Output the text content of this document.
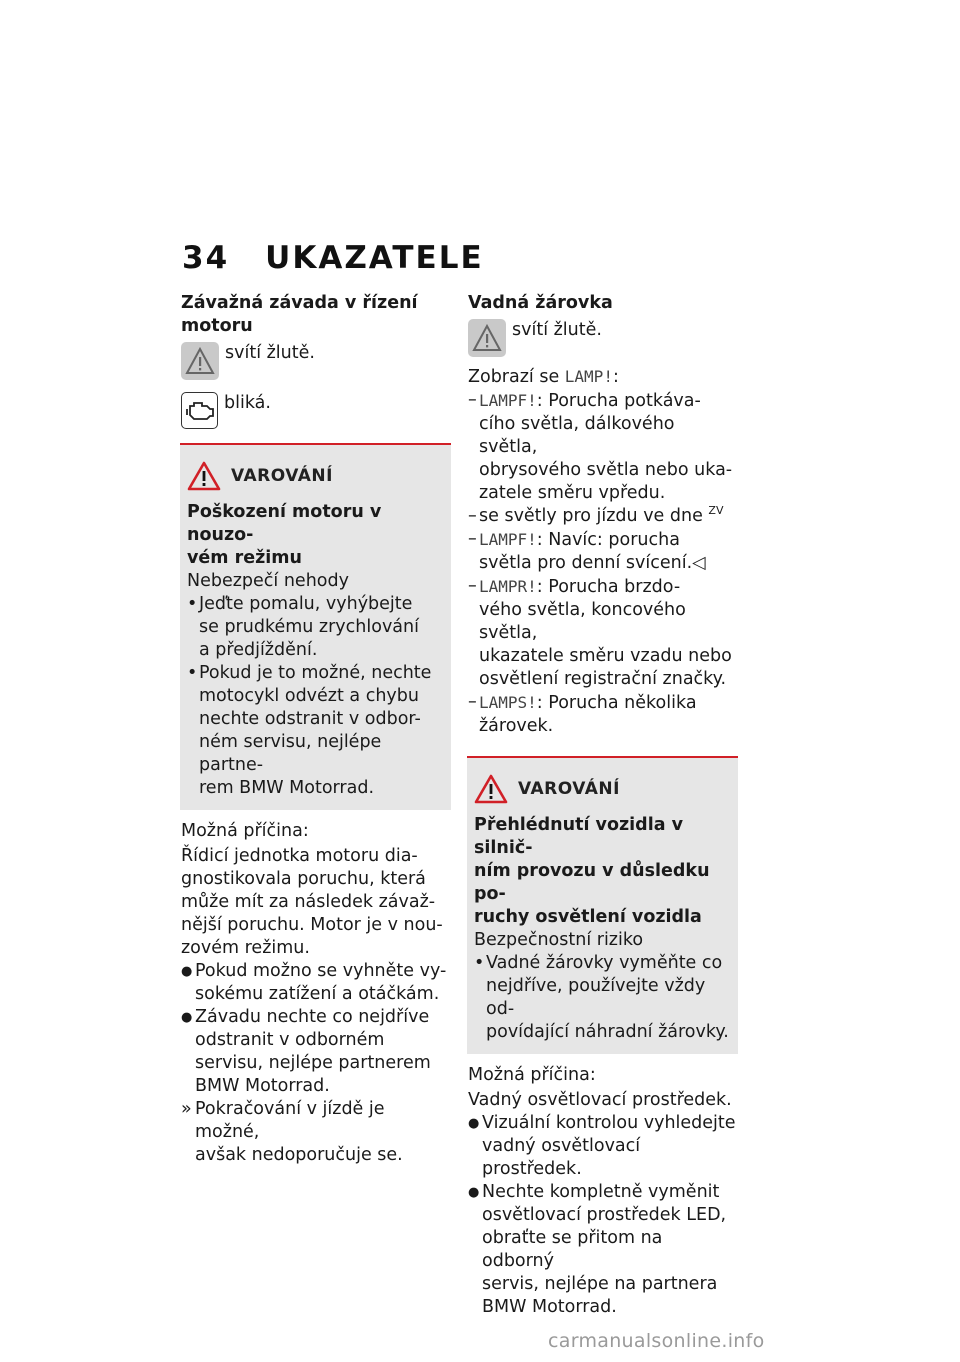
34 UKAZATELE

Závažná závada v řízení
motoru

svítí žlutě.
bliká.
VAROVÁNÍ

Poškození motoru v nouzo-
vém režimu

Nebezpečí nehody

• Jeďte pomalu, vyhýbejte
se prudkému zrychlování
a předjíždění.
• Pokud je to možné, nechte
motocykl odvézt a chybu
nechte odstranit v odbor-
ném servisu, nejlépe partne-
rem BMW Motorrad.

Možná příčina:

Řídicí jednotka motoru dia-
gnostikovala poruchu, která
může mít za následek závaž-
nější poruchu. Motor je v nou-
zovém režimu.

● Pokud možno se vyhněte vy-
sokému zatížení a otáčkám.
● Závadu nechte co nejdříve
odstranit v odborném
servisu, nejlépe partnerem
BMW Motorrad.
» Pokračování v jízdě je možné,
avšak nedoporučuje se.

Vadná žárovka

svítí žlutě.

Zobrazí se LAMP!:

– LAMPF!: Porucha potkáva-
cího světla, dálkového světla,
obrysového světla nebo uka-
zatele směru vpředu.
– se světly pro jízdu ve dne $^{ZV}$
– LAMPF!: Navíc: porucha
světla pro denní svícení.◁
– LAMPR!: Porucha brzdo-
vého světla, koncového světla,
ukazatele směru vzadu nebo
osvětlení registrační značky.
– LAMPS!: Porucha několika
žárovek.
VAROVÁNÍ

Přehlédnutí vozidla v silnič-
ním provozu v důsledku po-
ruchy osvětlení vozidla

Bezpečnostní riziko

• Vadné žárovky vyměňte co
nejdříve, používejte vždy od-
povídající náhradní žárovky.

Možná příčina:

Vadný osvětlovací prostředek.

● Vizuální kontrolou vyhledejte
vadný osvětlovací prostředek.
● Nechte kompletně vyměnit
osvětlovací prostředek LED,
obraťte se přitom na odborný
servis, nejlépe na partnera
BMW Motorrad.
carmanualsonline.info
